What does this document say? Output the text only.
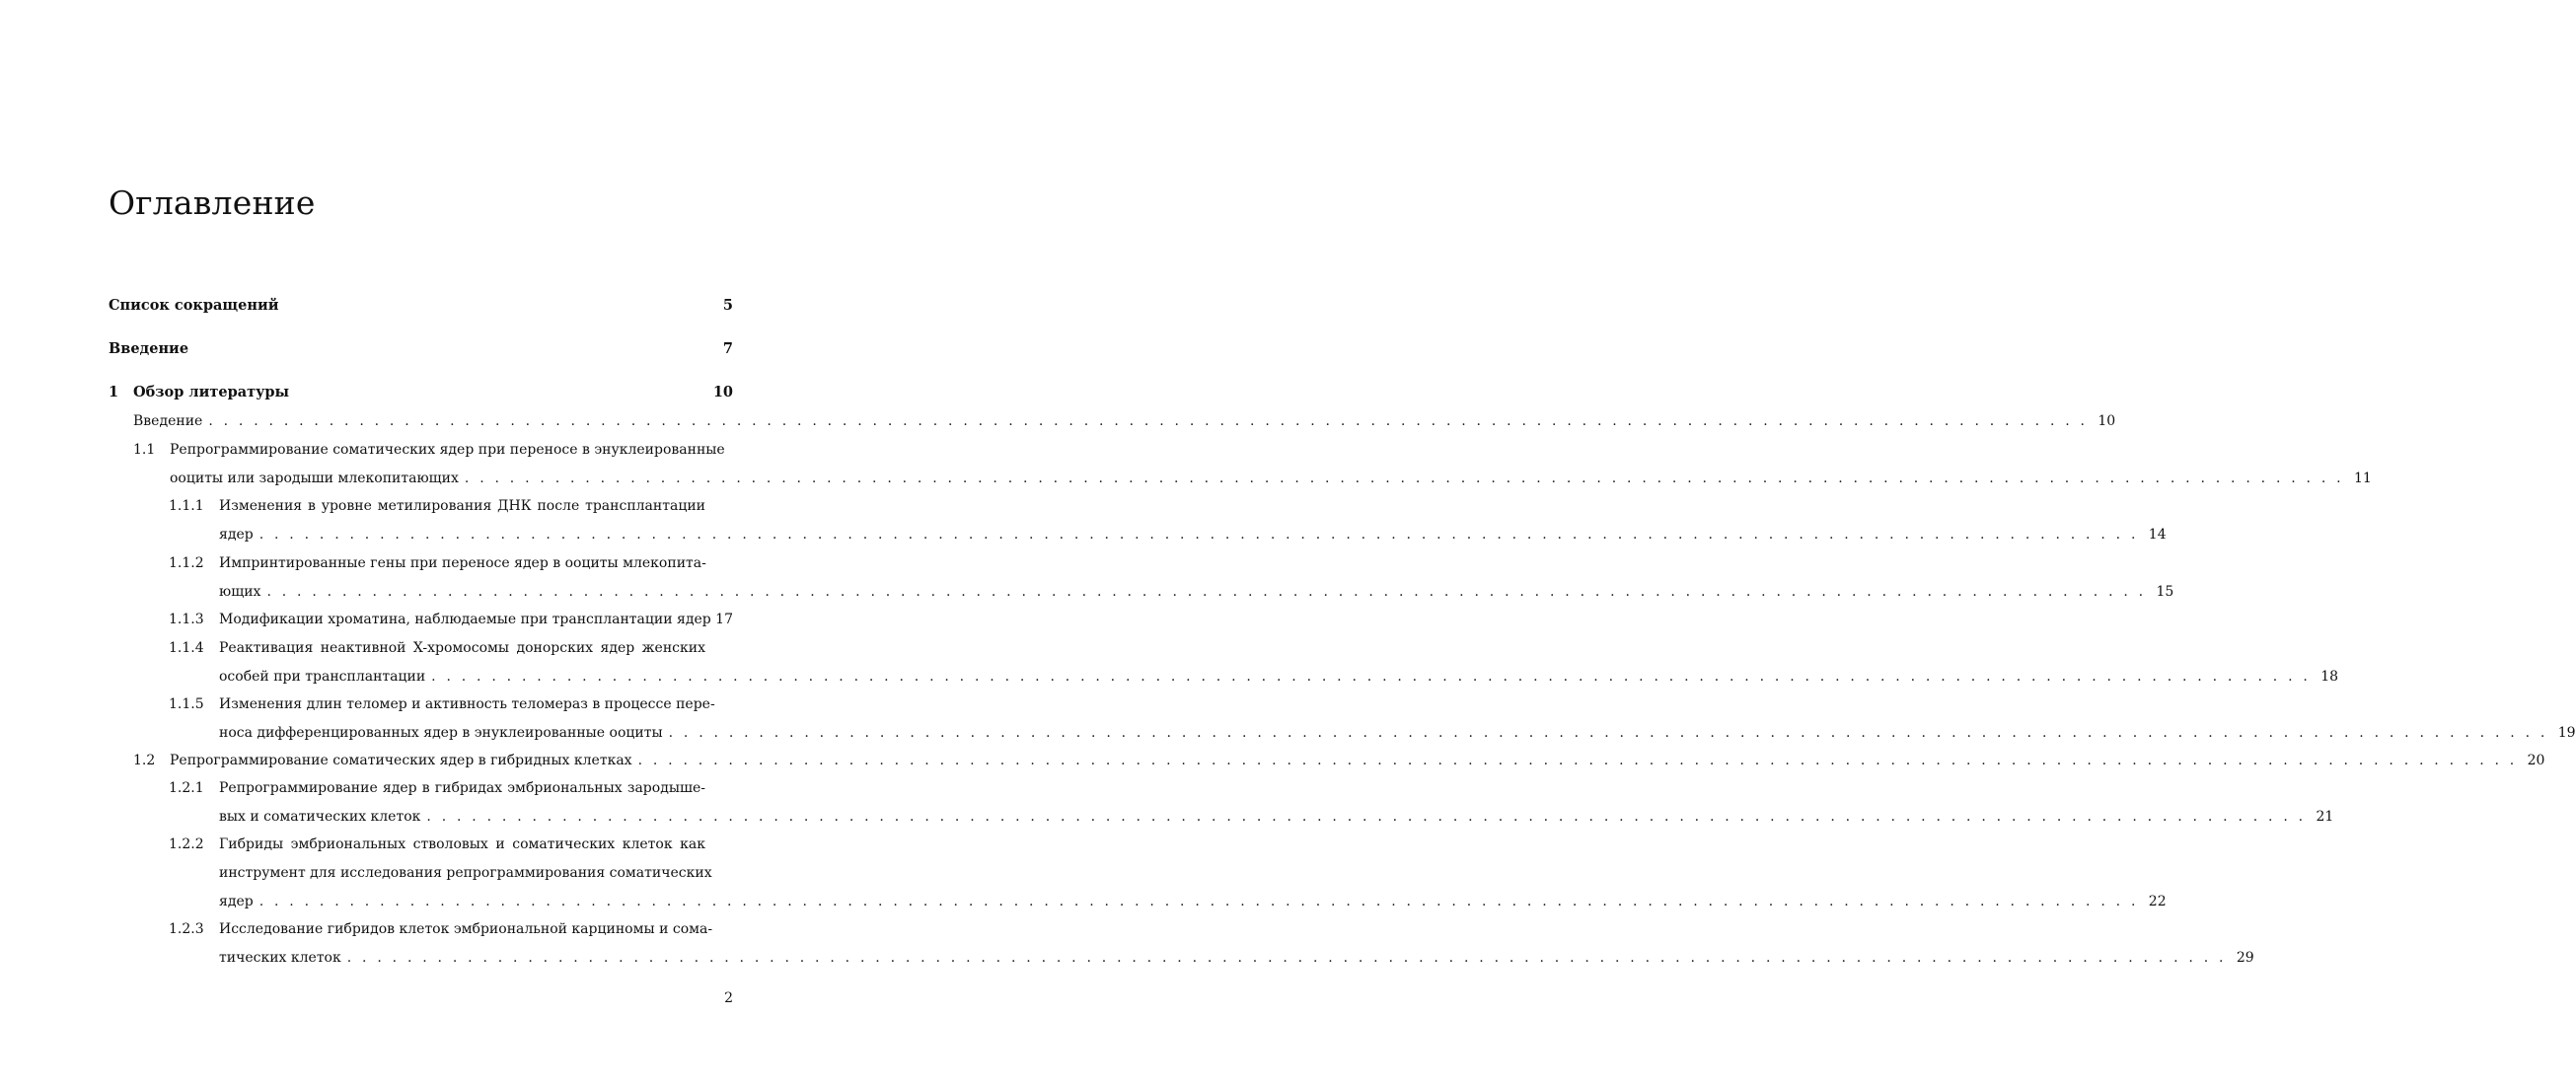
Оглавление
Список сокращений	5
Введение	7
1	Обзор литературы	10
Введение . . .	10
1.1 Репрограммирование соматических ядер при переносе в энуклеированные
ооциты или зародыши млекопитающих . . .	11
1.1.1 Изменения в уровне метилирования ДНК после трансплантации
ядер . . .	14
1.1.2 Импринтированные гены при переносе ядер в ооциты млекопита-
ющих . . .	15
1.1.3	Модификации хроматина, наблюдаемые при трансплантации ядер 17
1.1.4 Реактивация неактивной X-хромосомы донорских ядер женских
особей при трансплантации . . .	18
1.1.5 Изменения длин теломер и активность теломераз в процессе пере-
носа дифференцированных ядер в энуклеированные ооциты . . .	19
1.2	Репрограммирование соматических ядер в гибридных клетках . . .	20
1.2.1 Репрограммирование ядер в гибридах эмбриональных зародыше-
вых и соматических клеток . . .	21
1.2.2 Гибриды эмбриональных стволовых и соматических клеток как
инструмент для исследования репрограммирования соматических
ядер . . .	22
1.2.3 Исследование гибридов клеток эмбриональной карциномы и сома-
тических клеток . . .	29
2
